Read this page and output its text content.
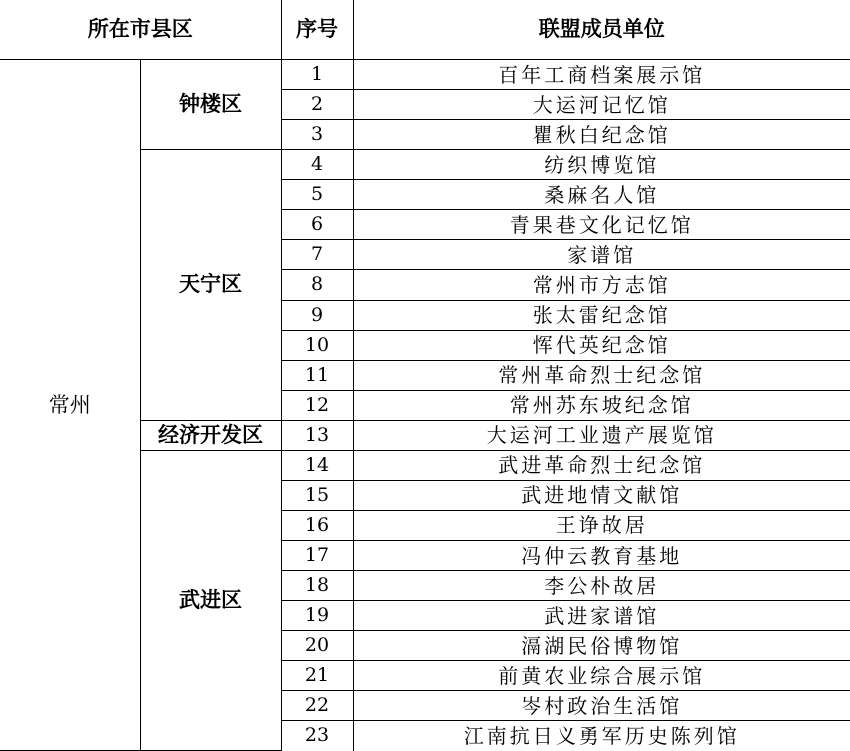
所在市县区		序号	联盟成员单位
常州	钟楼区	1	百年工商档案展示馆
		2	大运河记忆馆
		3	瞿秋白纪念馆
	天宁区	4	纺织博览馆
		5	桑麻名人馆
		6	青果巷文化记忆馆
		7	家谱馆
		8	常州市方志馆
		9	张太雷纪念馆
		10	恽代英纪念馆
		11	常州革命烈士纪念馆
		12	常州苏东坡纪念馆
	经济开发区	13	大运河工业遗产展览馆
	武进区	14	武进革命烈士纪念馆
		15	武进地情文献馆
		16	王诤故居
		17	冯仲云教育基地
		18	李公朴故居
		19	武进家谱馆
		20	滆湖民俗博物馆
		21	前黄农业综合展示馆
		22	岑村政治生活馆
		23	江南抗日义勇军历史陈列馆
